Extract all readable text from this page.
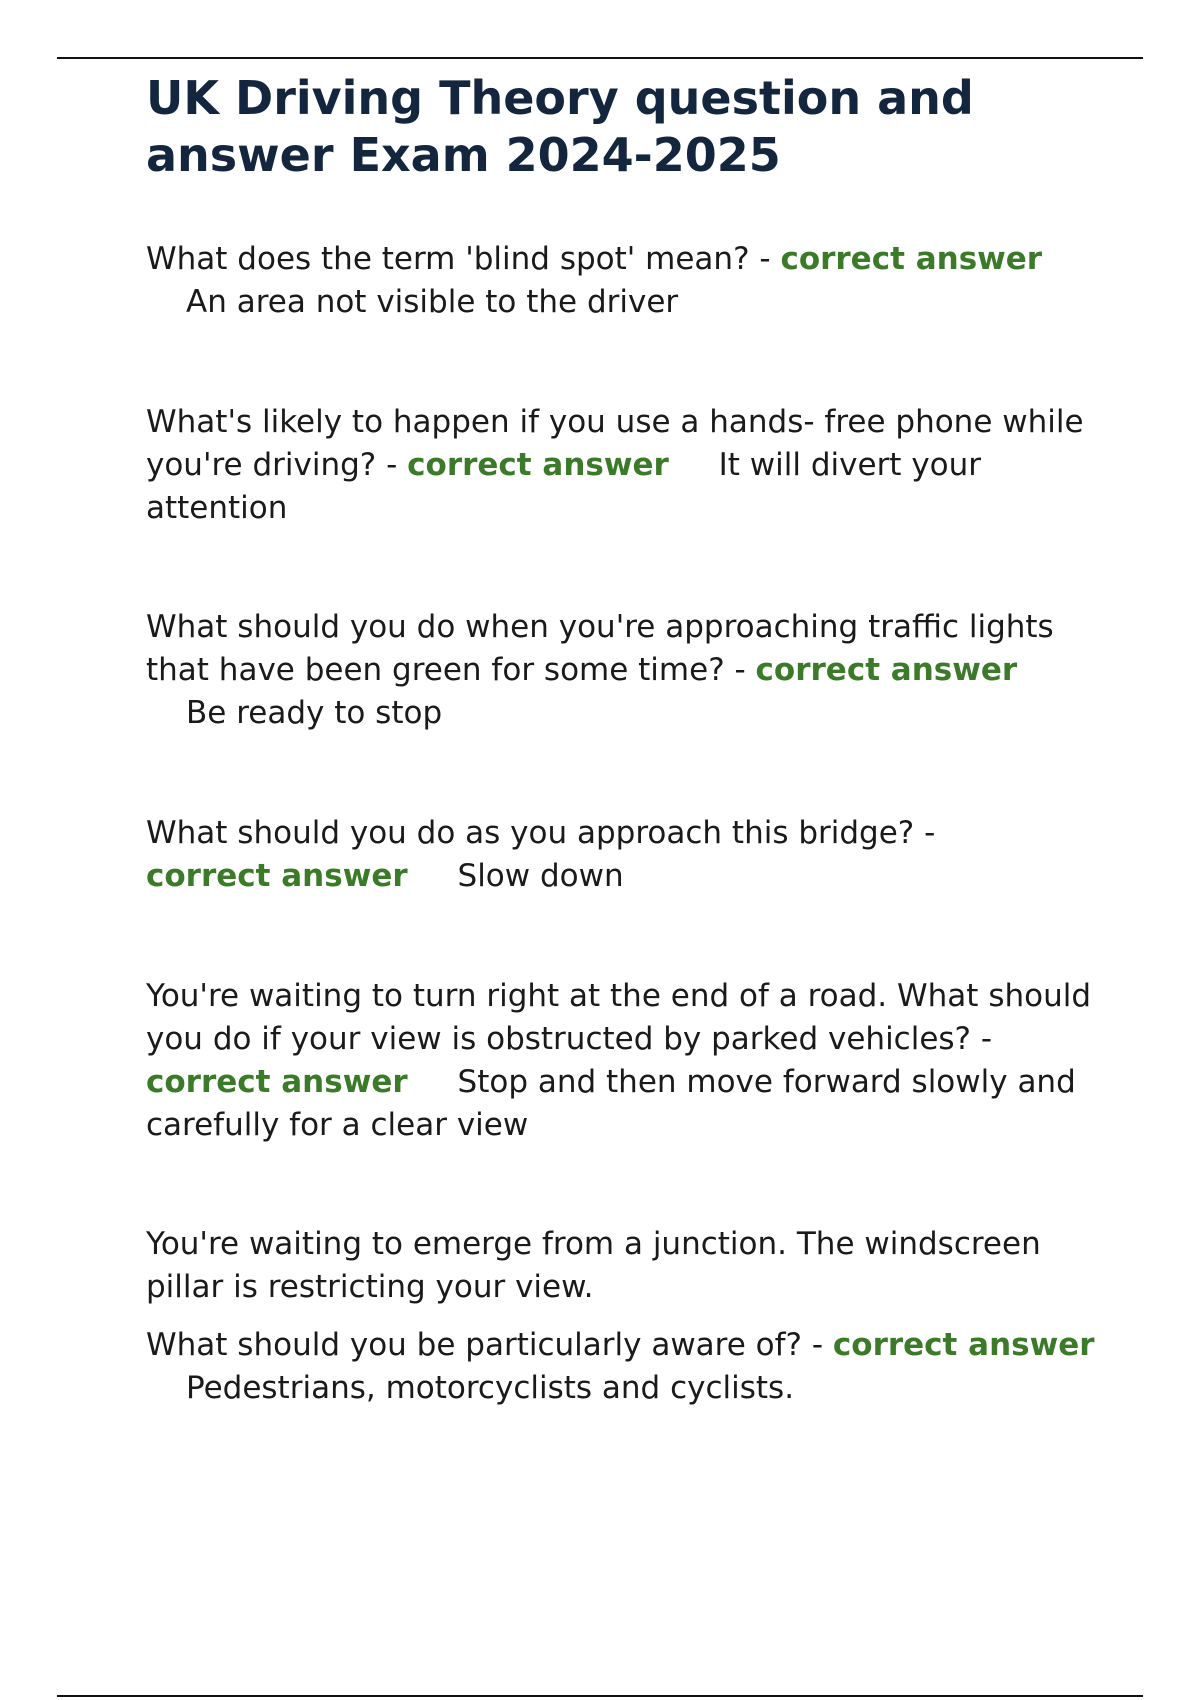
UK Driving Theory question and answer Exam 2024-2025

What does the term 'blind spot' mean? - correct answer
An area not visible to the driver

What's likely to happen if you use a hands- free phone while you're driving? - correct answer It will divert your attention

What should you do when you're approaching traffic lights that have been green for some time? - correct answer Be ready to stop

What should you do as you approach this bridge? -
correct answer Slow down

You're waiting to turn right at the end of a road. What should you do if your view is obstructed by parked vehicles? - correct answer Stop and then move forward slowly and carefully for a clear view

You're waiting to emerge from a junction. The windscreen pillar is restricting your view.

What should you be particularly aware of? - correct answer Pedestrians, motorcyclists and cyclists.
